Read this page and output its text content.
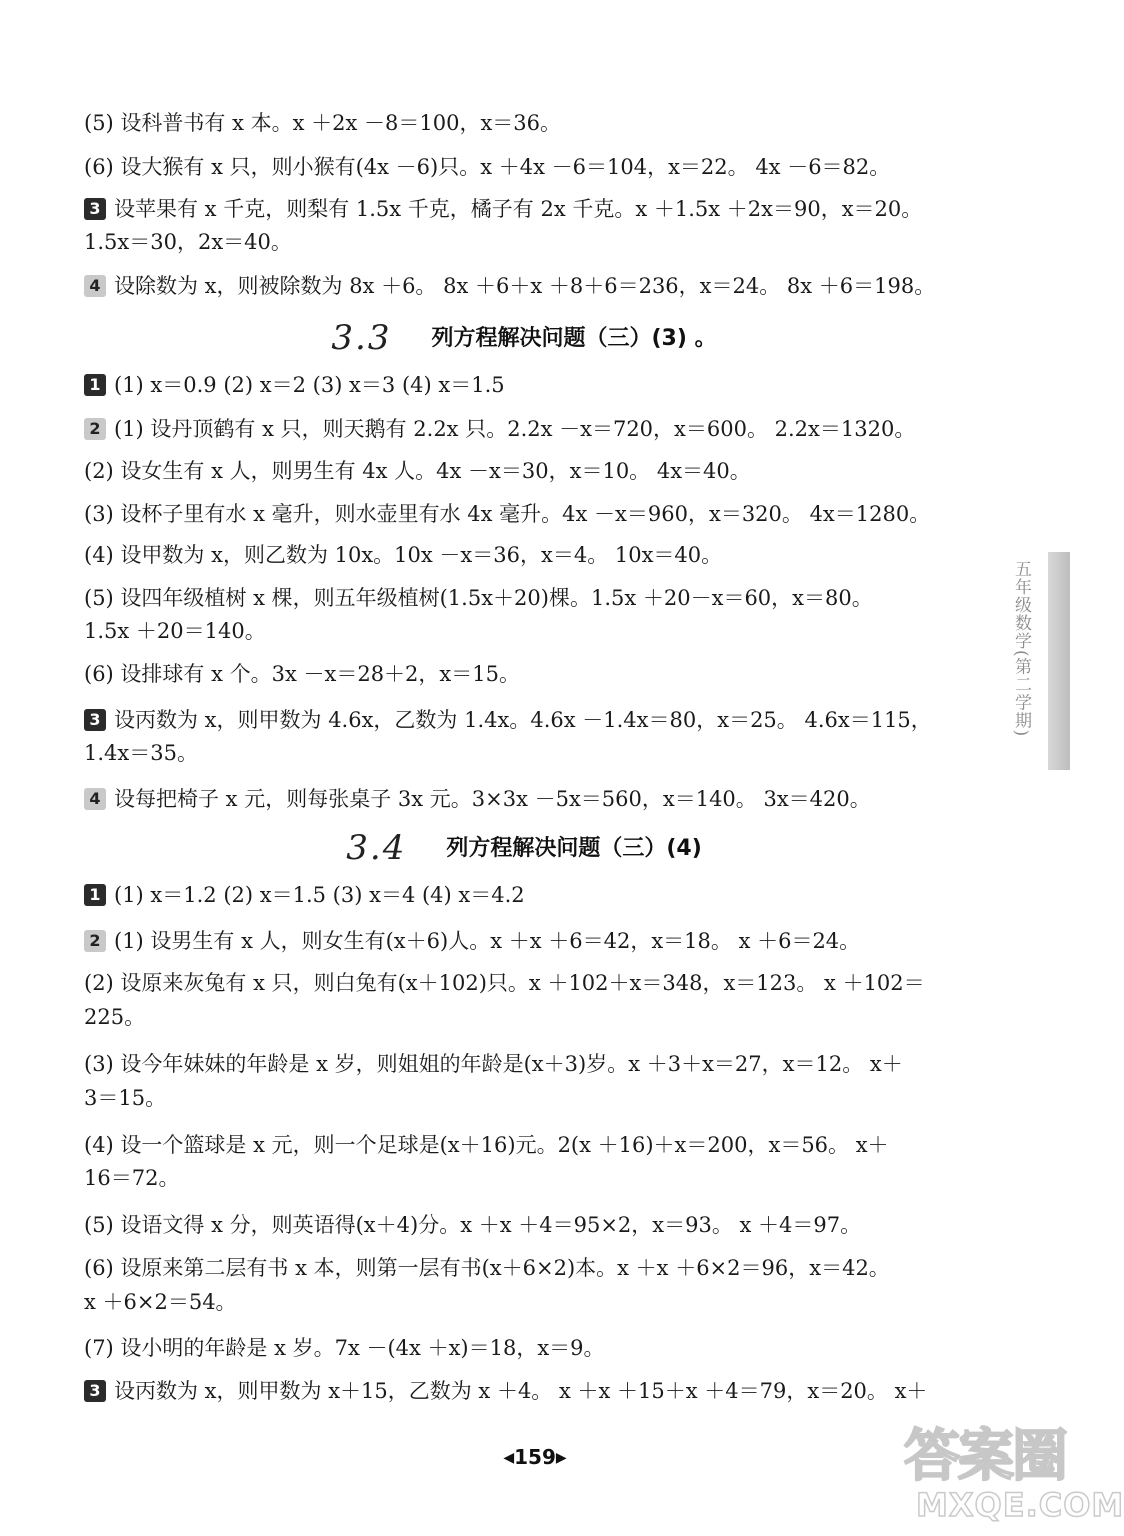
(5) 设科普书有 x 本。x ＋2x －8＝100，x＝36。
(6) 设大猴有 x 只，则小猴有(4x －6)只。x ＋4x －6＝104，x＝22。 4x －6＝82。
3 设苹果有 x 千克，则梨有 1.5x 千克，橘子有 2x 千克。x ＋1.5x ＋2x＝90，x＝20。
1.5x＝30，2x＝40。
4 设除数为 x，则被除数为 8x ＋6。 8x ＋6＋x ＋8＋6＝236，x＝24。 8x ＋6＝198。
3.3 列方程解决问题（三）(3) 。
1 (1) x＝0.9 (2) x＝2 (3) x＝3 (4) x＝1.5
2 (1) 设丹顶鹤有 x 只，则天鹅有 2.2x 只。2.2x －x＝720，x＝600。 2.2x＝1320。
(2) 设女生有 x 人，则男生有 4x 人。4x －x＝30，x＝10。 4x＝40。
(3) 设杯子里有水 x 毫升，则水壶里有水 4x 毫升。4x －x＝960，x＝320。 4x＝1280。
(4) 设甲数为 x，则乙数为 10x。10x －x＝36，x＝4。 10x＝40。
(5) 设四年级植树 x 棵，则五年级植树(1.5x＋20)棵。1.5x ＋20－x＝60，x＝80。
1.5x ＋20＝140。
(6) 设排球有 x 个。3x －x＝28＋2，x＝15。
3 设丙数为 x，则甲数为 4.6x，乙数为 1.4x。4.6x －1.4x＝80，x＝25。 4.6x＝115，
1.4x＝35。
4 设每把椅子 x 元，则每张桌子 3x 元。3×3x －5x＝560，x＝140。 3x＝420。
3.4 列方程解决问题（三）(4)
1 (1) x＝1.2 (2) x＝1.5 (3) x＝4 (4) x＝4.2
2 (1) 设男生有 x 人，则女生有(x＋6)人。x ＋x ＋6＝42，x＝18。 x ＋6＝24。
(2) 设原来灰兔有 x 只，则白兔有(x＋102)只。x ＋102＋x＝348，x＝123。 x ＋102＝
225。
(3) 设今年妹妹的年龄是 x 岁，则姐姐的年龄是(x＋3)岁。x ＋3＋x＝27，x＝12。 x＋
3＝15。
(4) 设一个篮球是 x 元，则一个足球是(x＋16)元。2(x ＋16)＋x＝200，x＝56。 x＋
16＝72。
(5) 设语文得 x 分，则英语得(x＋4)分。x ＋x ＋4＝95×2，x＝93。 x ＋4＝97。
(6) 设原来第二层有书 x 本，则第一层有书(x＋6×2)本。x ＋x ＋6×2＝96，x＝42。
x ＋6×2＝54。
(7) 设小明的年龄是 x 岁。7x －(4x ＋x)＝18，x＝9。
3 设丙数为 x，则甲数为 x＋15，乙数为 x ＋4。 x ＋x ＋15＋x ＋4＝79，x＝20。 x＋
五年级数学(第二学期)
◀159▶	答案圈
MXQE.COM
